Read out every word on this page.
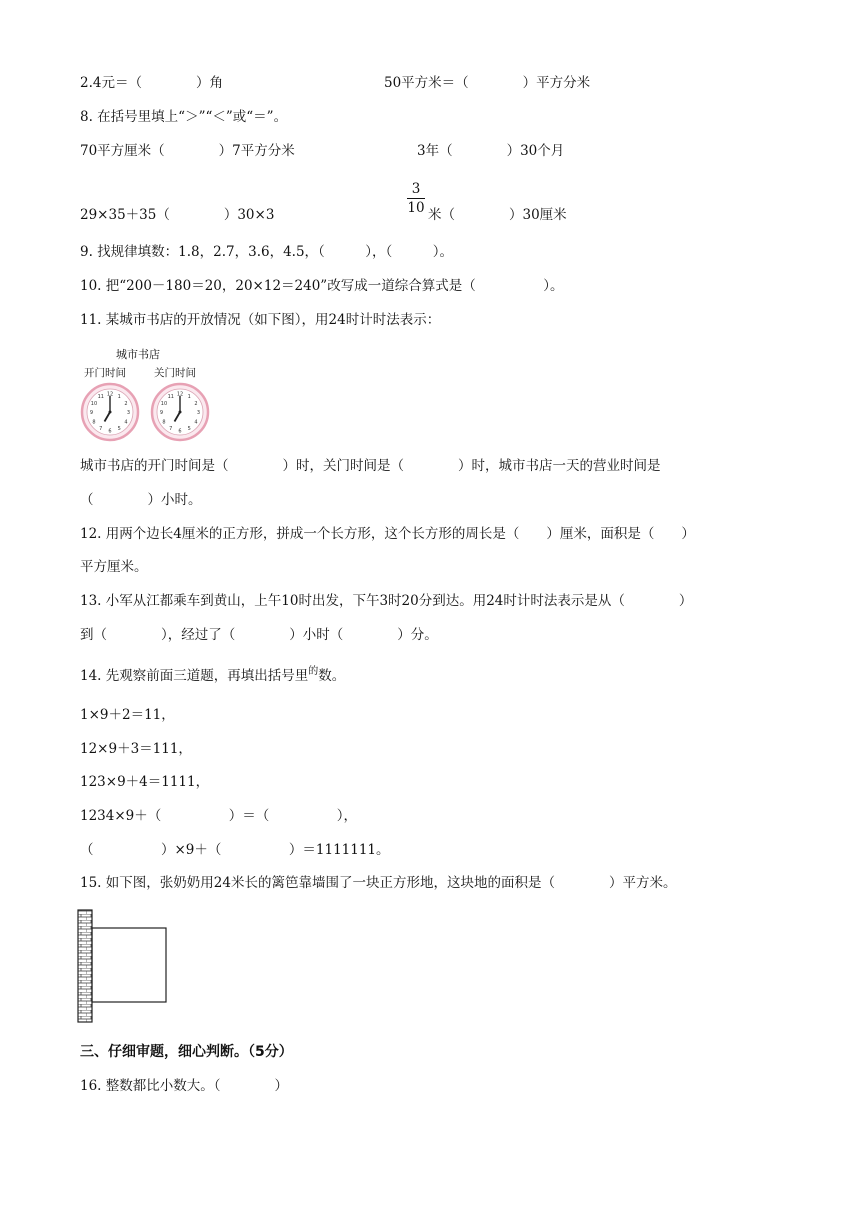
2.4元＝（　　　　）角	50平方米＝（　　　　）平方分米
8. 在括号里填上“＞”“＜”或“＝”。
70平方厘米（　　　　）7平方分米	3年（　　　　）30个月
29×35＋35（　　　　）30×3
3
10 米（　　　　）30厘米
9. 找规律填数：1.8，2.7，3.6，4.5，（　　　），（　　　）。
10. 把“200－180＝20，20×12＝240”改写成一道综合算式是（　　　　　）。
11. 某城市书店的开放情况（如下图），用24时计时法表示：
城市书店
开门时间	关门时间
11
10
9
8
7 6 5
4
3
2
1
12	11
10
9
8
7 6 5
4
3
2
1
12
城市书店的开门时间是（　　　　）时，关门时间是（　　　　）时，城市书店一天的营业时间是
（　　　　）小时。
12. 用两个边长4厘米的正方形，拼成一个长方形，这个长方形的周长是（　　）厘米，面积是（　　）
平方厘米。
13. 小军从江都乘车到黄山，上午10时出发，下午3时20分到达。用24时计时法表示是从（　　　　）
到（　　　　），经过了（　　　　）小时（　　　　）分。
14. 先观察前面三道题，再填出括号里$^的$数。
1×9＋2＝11，
12×9＋3＝111，
123×9＋4＝1111，
1234×9＋（　　　　　）＝（　　　　　），
（　　　　　）×9＋（　　　　　）＝1111111。
15. 如下图，张奶奶用24米长的篱笆靠墙围了一块正方形地，这块地的面积是（　　　　）平方米。
三、仔细审题，细心判断。（5分）
16. 整数都比小数大。（　　　　）
